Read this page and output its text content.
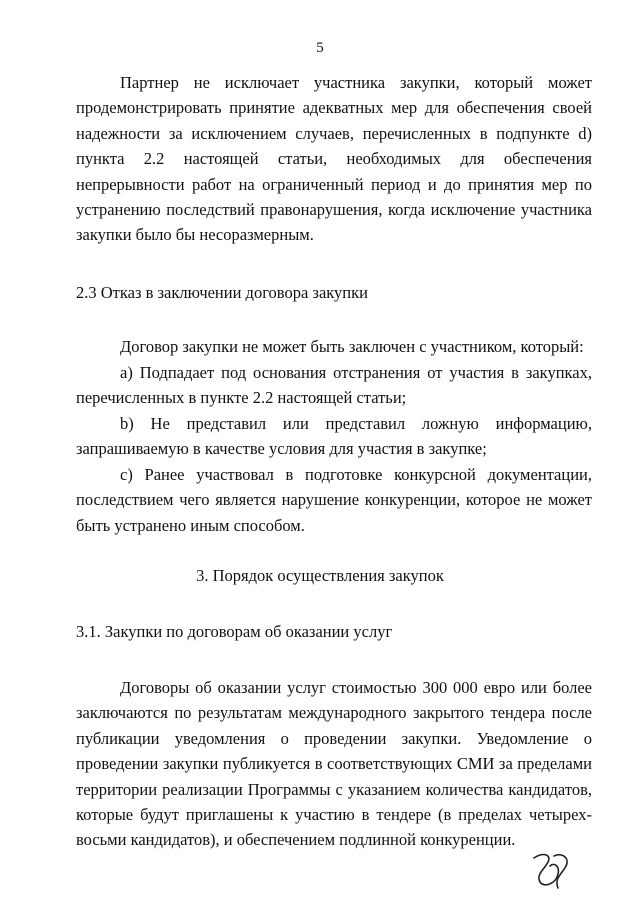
5

Партнер не исключает участника закупки, который может продемонстрировать принятие адекватных мер для обеспечения своей надежности за исключением случаев, перечисленных в подпункте d) пункта 2.2 настоящей статьи, необходимых для обеспечения непрерывности работ на ограниченный период и до принятия мер по устранению последствий правонарушения, когда исключение участника закупки было бы несоразмерным.

2.3 Отказ в заключении договора закупки

Договор закупки не может быть заключен с участником, который:

а) Подпадает под основания отстранения от участия в закупках, перечисленных в пункте 2.2 настоящей статьи;

b) Не представил или представил ложную информацию, запрашиваемую в качестве условия для участия в закупке;

c) Ранее участвовал в подготовке конкурсной документации, последствием чего является нарушение конкуренции, которое не может быть устранено иным способом.

3. Порядок осуществления закупок

3.1. Закупки по договорам об оказании услуг

Договоры об оказании услуг стоимостью 300 000 евро или более заключаются по результатам международного закрытого тендера после публикации уведомления о проведении закупки. Уведомление о проведении закупки публикуется в соответствующих СМИ за пределами территории реализации Программы с указанием количества кандидатов, которые будут приглашены к участию в тендере (в пределах четырех-восьми кандидатов), и обеспечением подлинной конкуренции.
